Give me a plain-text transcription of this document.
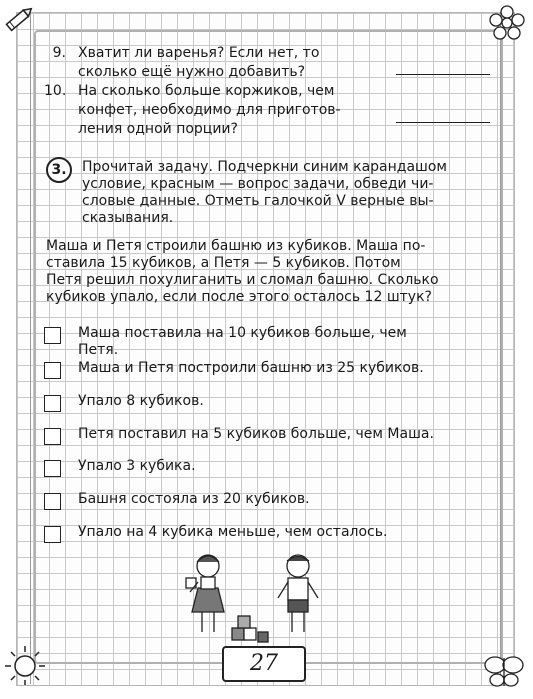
9. Хватит ли варенья? Если нет, то
сколько ещё нужно добавить?
10. На сколько больше коржиков, чем
конфет, необходимо для приготов-
ления одной порции?
3.	Прочитай задачу. Подчеркни синим карандашом
условие, красным — вопрос задачи, обведи чи-
словые данные. Отметь галочкой V верные вы-
сказывания.
Маша и Петя строили башню из кубиков. Маша по-
ставила 15 кубиков, а Петя — 5 кубиков. Потом
Петя решил похулиганить и сломал башню. Сколько
кубиков упало, если после этого осталось 12 штук?
Маша поставила на 10 кубиков больше, чем
Петя.
Маша и Петя построили башню из 25 кубиков.
Упало 8 кубиков.
Петя поставил на 5 кубиков больше, чем Маша.
Упало 3 кубика.
Башня состояла из 20 кубиков.
Упало на 4 кубика меньше, чем осталось.
27
